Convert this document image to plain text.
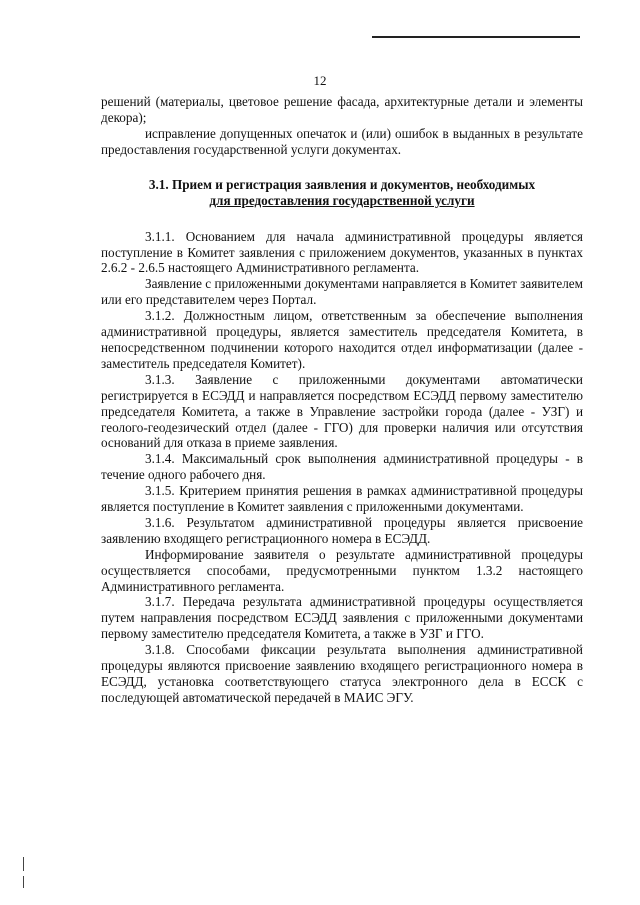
12

решений (материалы, цветовое решение фасада, архитектурные детали и элементы декора);

исправление допущенных опечаток и (или) ошибок в выданных в результате предоставления государственной услуги документах.

3.1. Прием и регистрация заявления и документов, необходимых
для предоставления государственной услуги

3.1.1. Основанием для начала административной процедуры является поступление в Комитет заявления с приложением документов, указанных в пунктах 2.6.2 - 2.6.5 настоящего Административного регламента.

Заявление с приложенными документами направляется в Комитет заявителем или его представителем через Портал.

3.1.2. Должностным лицом, ответственным за обеспечение выполнения административной процедуры, является заместитель председателя Комитета, в непосредственном подчинении которого находится отдел информатизации (далее - заместитель председателя Комитет).

3.1.3. Заявление с приложенными документами автоматически регистрируется в ЕСЭДД и направляется посредством ЕСЭДД первому заместителю председателя Комитета, а также в Управление застройки города (далее - УЗГ) и геолого-геодезический отдел (далее - ГГО) для проверки наличия или отсутствия оснований для отказа в приеме заявления.

3.1.4. Максимальный срок выполнения административной процедуры - в течение одного рабочего дня.

3.1.5. Критерием принятия решения в рамках административной процедуры является поступление в Комитет заявления с приложенными документами.

3.1.6. Результатом административной процедуры является присвоение заявлению входящего регистрационного номера в ЕСЭДД.

Информирование заявителя о результате административной процедуры осуществляется способами, предусмотренными пунктом 1.3.2 настоящего Административного регламента.

3.1.7. Передача результата административной процедуры осуществляется путем направления посредством ЕСЭДД заявления с приложенными документами первому заместителю председателя Комитета, а также в УЗГ и ГГО.

3.1.8. Способами фиксации результата выполнения административной процедуры являются присвоение заявлению входящего регистрационного номера в ЕСЭДД, установка соответствующего статуса электронного дела в ЕССК с последующей автоматической передачей в МАИС ЭГУ.
